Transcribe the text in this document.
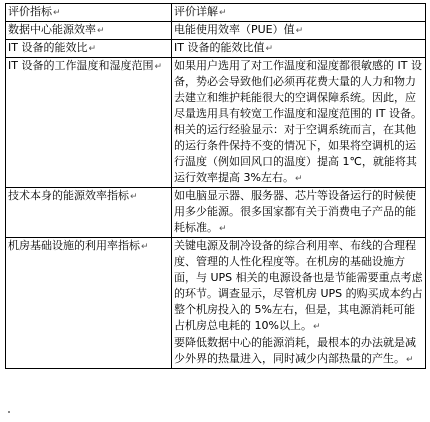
评价指标↵	评价详解↵
数据中心能源效率↵	电能使用效率（PUE）值↵

IT 设备的能效比↵	IT 设备的能效比值↵

IT 设备的工作温度和湿度范围↵	如果用户选用了对工作温度和湿度都很敏感的 IT 设备，势必会导致他们必须再花费大量的人力和物力去建立和维护耗能很大的空调保障系统。因此，应尽量选用具有较宽工作温度和湿度范围的 IT 设备。相关的运行经验显示：对于空调系统而言，在其他的运行条件保持不变的情况下，如果将空调机的运行温度（例如回风口的温度）提高 1℃，就能将其运行效率提高 3%左右。↵

技术本身的能源效率指标↵	如电脑显示器、服务器、芯片等设备运行的时候使用多少能源。很多国家都有关于消费电子产品的能耗标准。↵

机房基础设施的利用率指标↵	关键电源及制冷设备的综合利用率、布线的合理程度、管理的人性化程度等。在机房的基础设施方面，与 UPS 相关的电源设备也是节能需要重点考虑的环节。调查显示，尽管机房 UPS 的购买成本约占整个机房投入的 5%左右，但是，其电源消耗可能占机房总电耗的 10%以上。↵
要降低数据中心的能源消耗，最根本的办法就是减少外界的热量进入，同时减少内部热量的产生。↵
